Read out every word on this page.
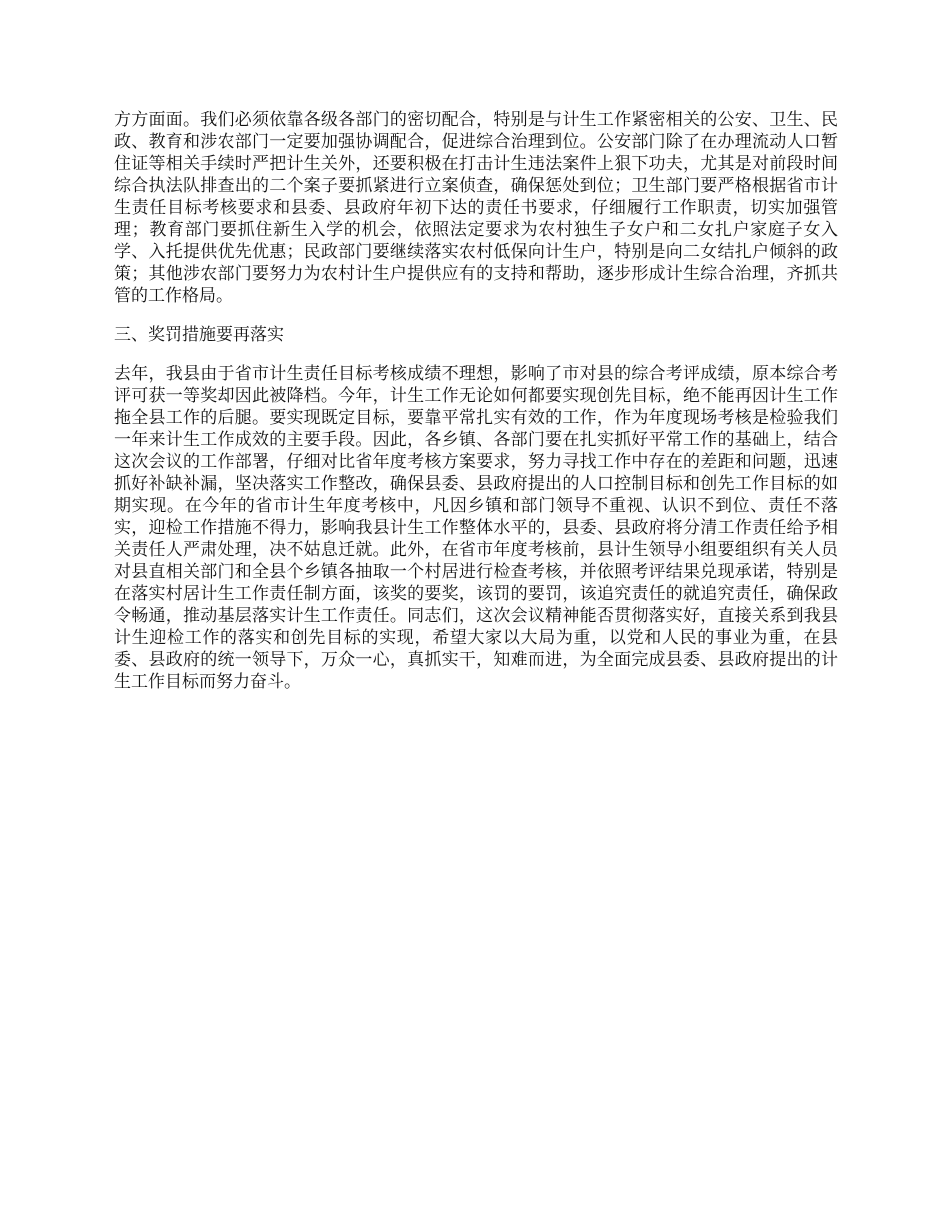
方方面面。我们必须依靠各级各部门的密切配合，特别是与计生工作紧密相关的公安、卫生、民政、教育和涉农部门一定要加强协调配合，促进综合治理到位。公安部门除了在办理流动人口暂住证等相关手续时严把计生关外，还要积极在打击计生违法案件上狠下功夫，尤其是对前段时间综合执法队排查出的二个案子要抓紧进行立案侦查，确保惩处到位；卫生部门要严格根据省市计生责任目标考核要求和县委、县政府年初下达的责任书要求，仔细履行工作职责，切实加强管理；教育部门要抓住新生入学的机会，依照法定要求为农村独生子女户和二女扎户家庭子女入学、入托提供优先优惠；民政部门要继续落实农村低保向计生户，特别是向二女结扎户倾斜的政策；其他涉农部门要努力为农村计生户提供应有的支持和帮助，逐步形成计生综合治理，齐抓共管的工作格局。

三、奖罚措施要再落实

去年，我县由于省市计生责任目标考核成绩不理想，影响了市对县的综合考评成绩，原本综合考评可获一等奖却因此被降档。今年，计生工作无论如何都要实现创先目标，绝不能再因计生工作拖全县工作的后腿。要实现既定目标，要靠平常扎实有效的工作，作为年度现场考核是检验我们一年来计生工作成效的主要手段。因此，各乡镇、各部门要在扎实抓好平常工作的基础上，结合这次会议的工作部署，仔细对比省年度考核方案要求，努力寻找工作中存在的差距和问题，迅速抓好补缺补漏，坚决落实工作整改，确保县委、县政府提出的人口控制目标和创先工作目标的如期实现。在今年的省市计生年度考核中，凡因乡镇和部门领导不重视、认识不到位、责任不落实，迎检工作措施不得力，影响我县计生工作整体水平的，县委、县政府将分清工作责任给予相关责任人严肃处理，决不姑息迁就。此外，在省市年度考核前，县计生领导小组要组织有关人员对县直相关部门和全县个乡镇各抽取一个村居进行检查考核，并依照考评结果兑现承诺，特别是在落实村居计生工作责任制方面，该奖的要奖，该罚的要罚，该追究责任的就追究责任，确保政令畅通，推动基层落实计生工作责任。同志们，这次会议精神能否贯彻落实好，直接关系到我县计生迎检工作的落实和创先目标的实现，希望大家以大局为重，以党和人民的事业为重，在县委、县政府的统一领导下，万众一心，真抓实干，知难而进，为全面完成县委、县政府提出的计生工作目标而努力奋斗。
